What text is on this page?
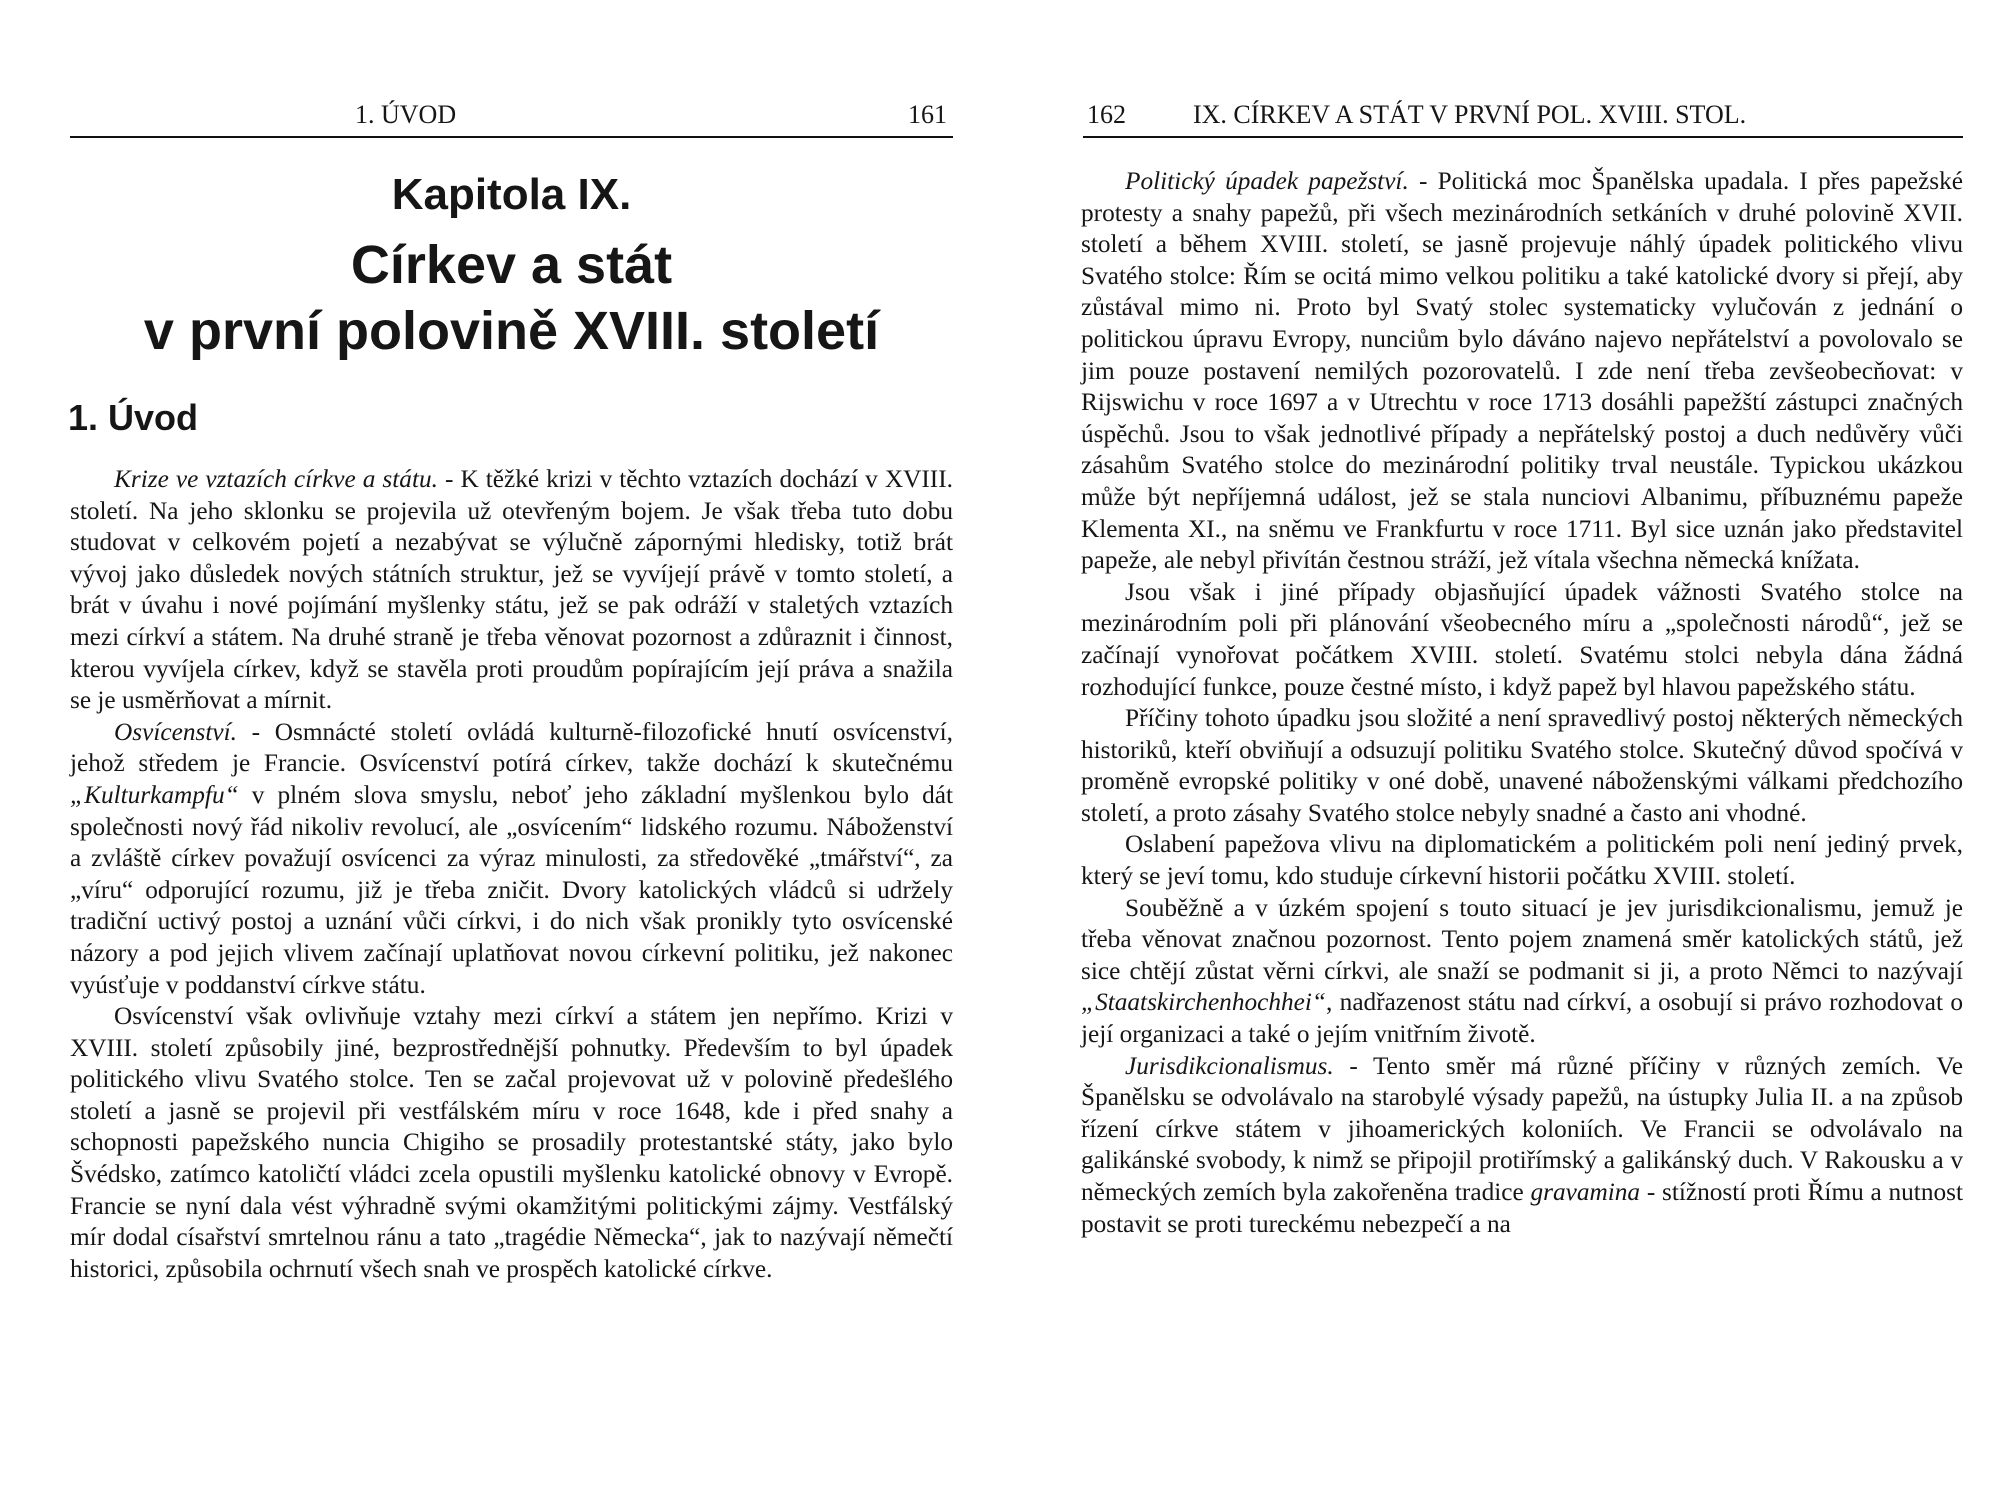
1. ÚVOD	161
Kapitola IX.
Církev a stát
v první polovině XVIII. století
1. Úvod

Krize ve vztazích církve a státu. - K těžké krizi v těchto vztazích dochází v XVIII. století. Na jeho sklonku se projevila už otevřeným bojem. Je však třeba tuto dobu studovat v celkovém pojetí a nezabývat se výlučně zápornými hledisky, totiž brát vývoj jako důsledek nových státních struktur, jež se vyvíjejí právě v tomto století, a brát v úvahu i nové pojímání myšlenky státu, jež se pak odráží v staletých vztazích mezi církví a státem. Na druhé straně je třeba věnovat pozornost a zdůraznit i činnost, kterou vyvíjela církev, když se stavěla proti proudům popírajícím její práva a snažila se je usměrňovat a mírnit.

Osvícenství. - Osmnácté století ovládá kulturně-filozofické hnutí osvícenství, jehož středem je Francie. Osvícenství potírá církev, takže dochází k skutečnému „Kulturkampfu“ v plném slova smyslu, neboť jeho základní myšlenkou bylo dát společnosti nový řád nikoliv revolucí, ale „osvícením“ lidského rozumu. Náboženství a zvláště církev považují osvícenci za výraz minulosti, za středověké „tmářství“, za „víru“ odporující rozumu, již je třeba zničit. Dvory katolických vládců si udržely tradiční uctivý postoj a uznání vůči církvi, i do nich však pronikly tyto osvícenské názory a pod jejich vlivem začínají uplatňovat novou církevní politiku, jež nakonec vyúsťuje v poddanství církve státu.

Osvícenství však ovlivňuje vztahy mezi církví a státem jen nepřímo. Krizi v XVIII. století způsobily jiné, bezprostřednější pohnutky. Především to byl úpadek politického vlivu Svatého stolce. Ten se začal projevovat už v polovině předešlého století a jasně se projevil při vestfálském míru v roce 1648, kde i před snahy a schopnosti papežského nuncia Chigiho se prosadily protestantské státy, jako bylo Švédsko, zatímco katoličtí vládci zcela opustili myšlenku katolické obnovy v Evropě. Francie se nyní dala vést výhradně svými okamžitými politickými zájmy. Vestfálský mír dodal císařství smrtelnou ránu a tato „tragédie Německa“, jak to nazývají němečtí historici, způsobila ochrnutí všech snah ve prospěch katolické církve.

162	IX. CÍRKEV A STÁT V PRVNÍ POL. XVIII. STOL.

Politický úpadek papežství. - Politická moc Španělska upadala. I přes papežské protesty a snahy papežů, při všech mezinárodních setkáních v druhé polovině XVII. století a během XVIII. století, se jasně projevuje náhlý úpadek politického vlivu Svatého stolce: Řím se ocitá mimo velkou politiku a také katolické dvory si přejí, aby zůstával mimo ni. Proto byl Svatý stolec systematicky vylučován z jednání o politickou úpravu Evropy, nunciům bylo dáváno najevo nepřátelství a povolovalo se jim pouze postavení nemilých pozorovatelů. I zde není třeba zevšeobecňovat: v Rijswichu v roce 1697 a v Utrechtu v roce 1713 dosáhli papežští zástupci značných úspěchů. Jsou to však jednotlivé případy a nepřátelský postoj a duch nedůvěry vůči zásahům Svatého stolce do mezinárodní politiky trval neustále. Typickou ukázkou může být nepříjemná událost, jež se stala nunciovi Albanimu, příbuznému papeže Klementa XI., na sněmu ve Frankfurtu v roce 1711. Byl sice uznán jako představitel papeže, ale nebyl přivítán čestnou stráží, jež vítala všechna německá knížata.

Jsou však i jiné případy objasňující úpadek vážnosti Svatého stolce na mezinárodním poli při plánování všeobecného míru a „společnosti národů“, jež se začínají vynořovat počátkem XVIII. století. Svatému stolci nebyla dána žádná rozhodující funkce, pouze čestné místo, i když papež byl hlavou papežského státu.

Příčiny tohoto úpadku jsou složité a není spravedlivý postoj některých německých historiků, kteří obviňují a odsuzují politiku Svatého stolce. Skutečný důvod spočívá v proměně evropské politiky v oné době, unavené náboženskými válkami předchozího století, a proto zásahy Svatého stolce nebyly snadné a často ani vhodné.

Oslabení papežova vlivu na diplomatickém a politickém poli není jediný prvek, který se jeví tomu, kdo studuje církevní historii počátku XVIII. století.

Souběžně a v úzkém spojení s touto situací je jev jurisdikcionalismu, jemuž je třeba věnovat značnou pozornost. Tento pojem znamená směr katolických států, jež sice chtějí zůstat věrni církvi, ale snaží se podmanit si ji, a proto Němci to nazývají „Staatskirchenhochhei“, nadřazenost státu nad církví, a osobují si právo rozhodovat o její organizaci a také o jejím vnitřním životě.

Jurisdikcionalismus. - Tento směr má různé příčiny v různých zemích. Ve Španělsku se odvolávalo na starobylé výsady papežů, na ústupky Julia II. a na způsob řízení církve státem v jihoamerických koloniích. Ve Francii se odvolávalo na galikánské svobody, k nimž se připojil protiřímský a galikánský duch. V Rakousku a v německých zemích byla zakořeněna tradice gravamina - stížností proti Římu a nutnost postavit se proti tureckému nebezpečí a na
